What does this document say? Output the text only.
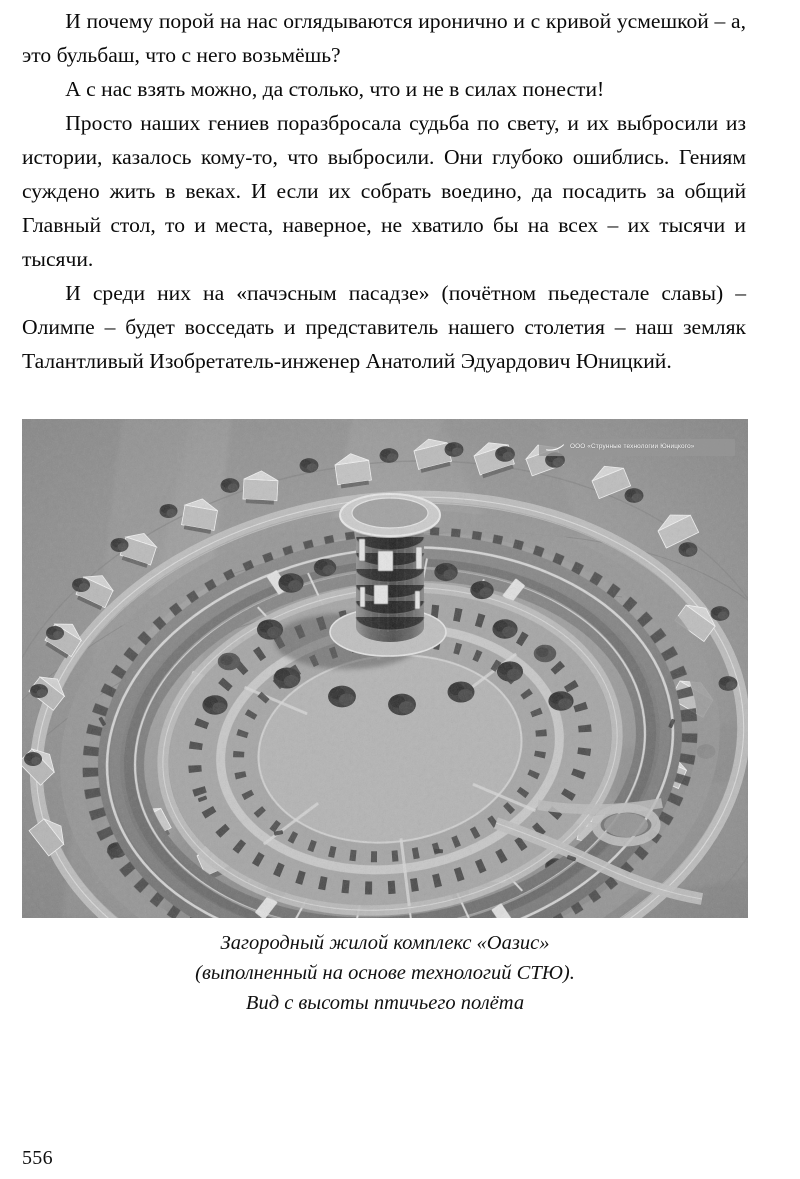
И почему порой на нас оглядываются иронично и с кривой усмешкой – а, это бульбаш, что с него возьмёшь?

А с нас взять можно, да столько, что и не в силах понести!

Просто наших гениев поразбросала судьба по свету, и их выбросили из истории, казалось кому-то, что выбросили. Они глубоко ошиблись. Гениям суждено жить в веках. И если их собрать воедино, да посадить за общий Главный стол, то и места, наверное, не хватило бы на всех – их тысячи и тысячи.

И среди них на «пачэсным пасадзе» (почётном пьедестале славы) – Олимпе – будет восседать и представитель нашего столетия – наш земляк Талантливый Изобретатель-инженер Анатолий Эдуардович Юницкий.

ООО «Струнные технологии Юницкого»
Загородный жилой комплекс «Оазис»
(выполненный на основе технологий СТЮ).
Вид с высоты птичьего полёта
556
